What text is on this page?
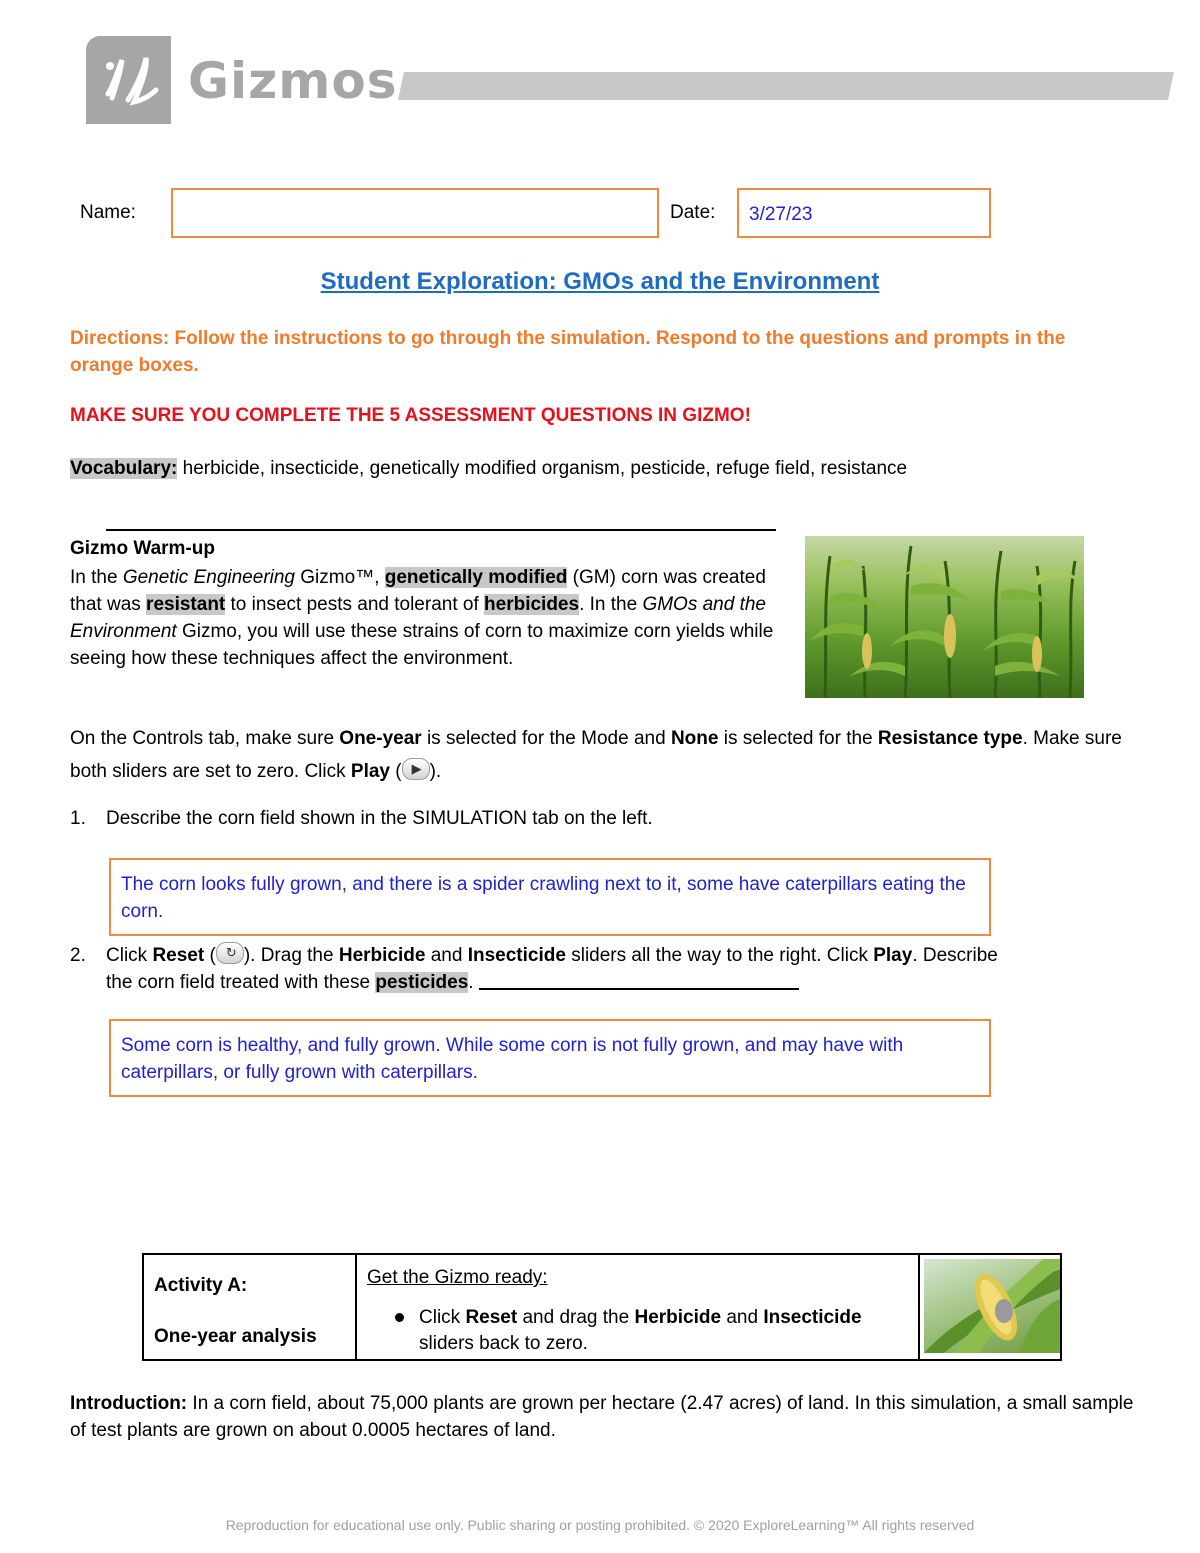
Gizmos
Name:	Date:	3/27/23
Student Exploration: GMOs and the Environment
Directions: Follow the instructions to go through the simulation. Respond to the questions and prompts in the orange boxes.
MAKE SURE YOU COMPLETE THE 5 ASSESSMENT QUESTIONS IN GIZMO!
Vocabulary: herbicide, insecticide, genetically modified organism, pesticide, refuge field, resistance
Gizmo Warm-up
In the Genetic Engineering Gizmo™, genetically modified (GM) corn was created that was resistant to insect pests and tolerant of herbicides. In the GMOs and the Environment Gizmo, you will use these strains of corn to maximize corn yields while seeing how these techniques affect the environment.
On the Controls tab, make sure One-year is selected for the Mode and None is selected for the Resistance type. Make sure both sliders are set to zero. Click Play ( ▶ ).
1. Describe the corn field shown in the SIMULATION tab on the left.
The corn looks fully grown, and there is a spider crawling next to it, some have caterpillars eating the corn.
2. Click Reset ( ↻ ). Drag the Herbicide and Insecticide sliders all the way to the right. Click Play. Describe
the corn field treated with these pesticides.
Some corn is healthy, and fully grown. While some corn is not fully grown, and may have with caterpillars, or fully grown with caterpillars.
Activity A:
One-year analysis
Get the Gizmo ready:
Click Reset and drag the Herbicide and Insecticide sliders back to zero.
Introduction: In a corn field, about 75,000 plants are grown per hectare (2.47 acres) of land. In this simulation, a small sample of test plants are grown on about 0.0005 hectares of land.
Reproduction for educational use only. Public sharing or posting prohibited. © 2020 ExploreLearning™ All rights reserved
